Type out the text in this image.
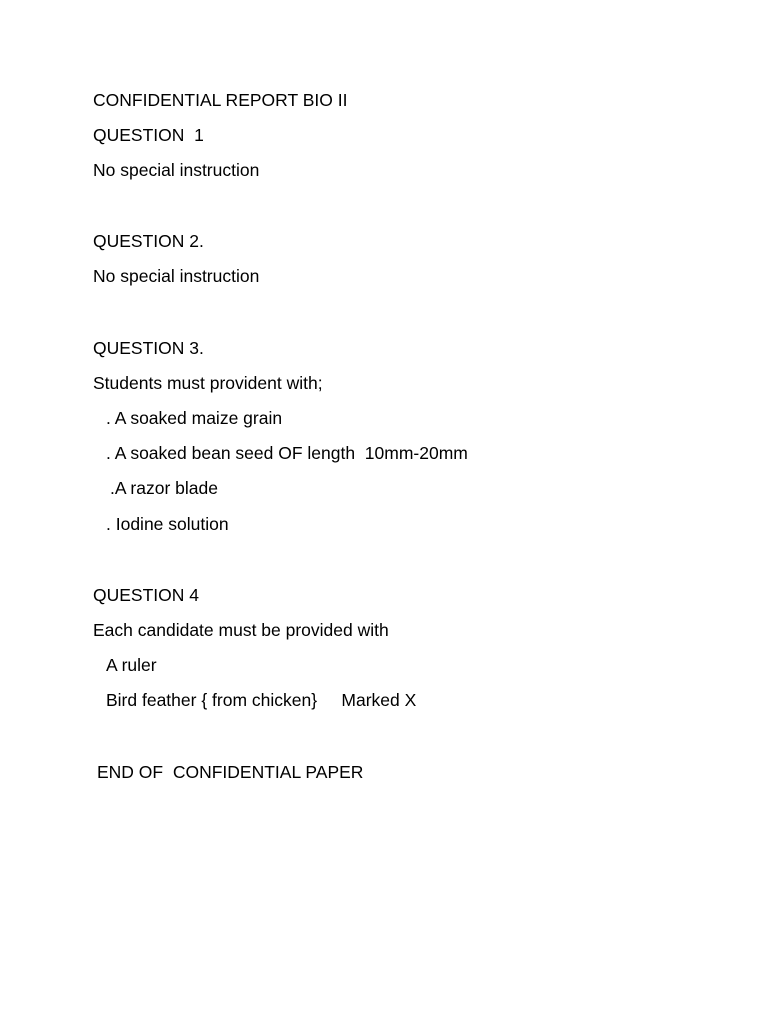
CONFIDENTIAL REPORT BIO II

QUESTION  1

No special instruction

QUESTION 2.

No special instruction

QUESTION 3.

Students must provident with;

. A soaked maize grain

. A soaked bean seed OF length  10mm-20mm

.A razor blade

. Iodine solution

QUESTION 4

Each candidate must be provided with

A ruler

Bird feather { from chicken}     Marked X

END OF  CONFIDENTIAL PAPER
